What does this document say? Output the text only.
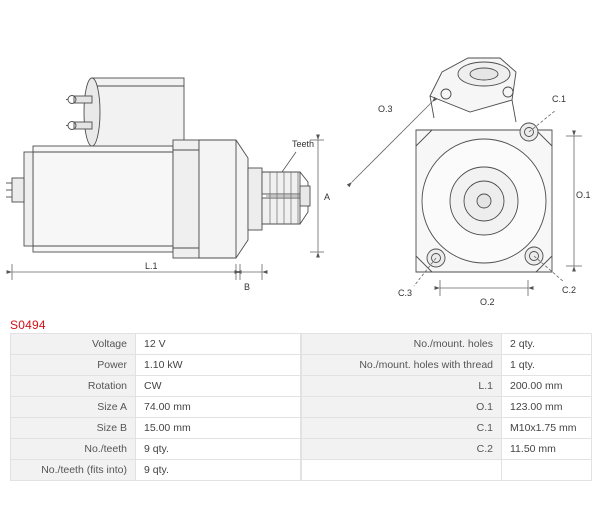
Teeth
A
L.1
B
O.3
O.1
O.2
C.1
C.2
C.3
S0494
Voltage	12 V
Power	1.10 kW
Rotation	CW
Size A	74.00 mm
Size B	15.00 mm
No./teeth	9 qty.
No./teeth (fits into)	9 qty.
No./mount. holes	2 qty.
No./mount. holes with thread	1 qty.
L.1	200.00 mm
O.1	123.00 mm
C.1	M10x1.75 mm
C.2	11.50 mm
